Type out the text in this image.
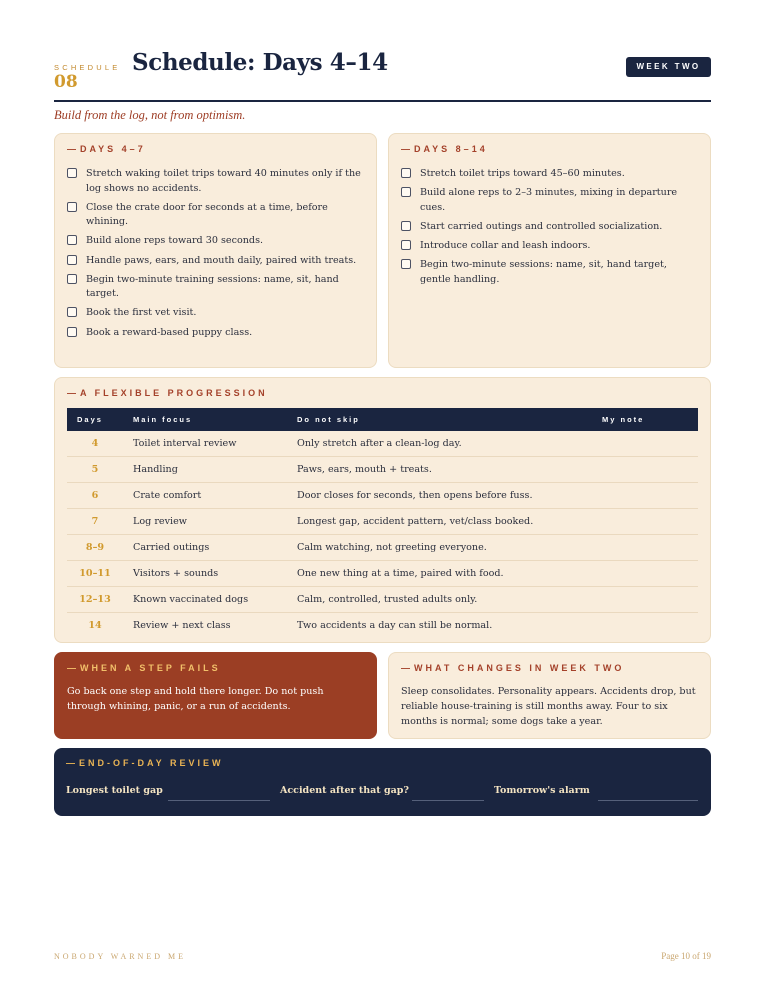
SCHEDULE
08
Schedule: Days 4–14	WEEK TWO
Build from the log, not from optimism.
— DAYS 4–7
Stretch waking toilet trips toward 40 minutes only if the log shows no accidents.
Close the crate door for seconds at a time, before whining.
Build alone reps toward 30 seconds.
Handle paws, ears, and mouth daily, paired with treats.
Begin two-minute training sessions: name, sit, hand target.
Book the first vet visit.
Book a reward-based puppy class.
— DAYS 8–14
Stretch toilet trips toward 45–60 minutes.
Build alone reps to 2–3 minutes, mixing in departure cues.
Start carried outings and controlled socialization.
Introduce collar and leash indoors.
Begin two-minute sessions: name, sit, hand target, gentle handling.
— A FLEXIBLE PROGRESSION
Days	Main focus	Do not skip	My note
4	Toilet interval review	Only stretch after a clean-log day.	
5	Handling	Paws, ears, mouth + treats.	
6	Crate comfort	Door closes for seconds, then opens before fuss.	
7	Log review	Longest gap, accident pattern, vet/class booked.	
8–9	Carried outings	Calm watching, not greeting everyone.	
10–11	Visitors + sounds	One new thing at a time, paired with food.	
12–13	Known vaccinated dogs	Calm, controlled, trusted adults only.	
14	Review + next class	Two accidents a day can still be normal.	
— WHEN A STEP FAILS
Go back one step and hold there longer. Do not push through whining, panic, or a run of accidents.
— WHAT CHANGES IN WEEK TWO
Sleep consolidates. Personality appears. Accidents drop, but reliable house-training is still months away. Four to six months is normal; some dogs take a year.
— END-OF-DAY REVIEW
Longest toilet gap	Accident after that gap?	Tomorrow's alarm
NOBODY WARNED ME	Page 10 of 19
